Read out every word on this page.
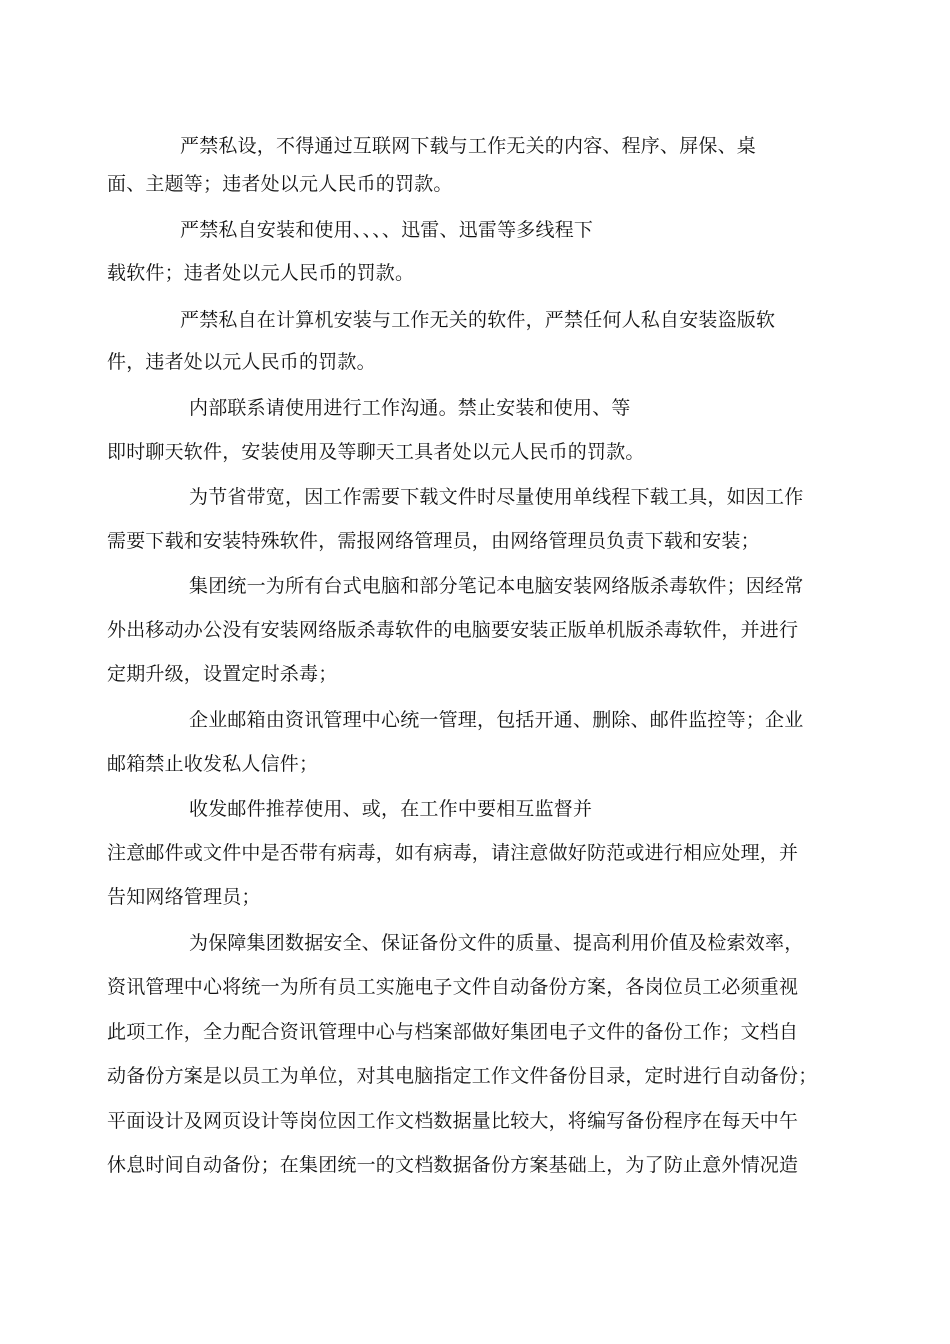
严禁私设，不得通过互联网下载与工作无关的内容、程序、屏保、桌
面、主题等；违者处以元人民币的罚款。
严禁私自安装和使用、、、、迅雷、迅雷等多线程下
载软件；违者处以元人民币的罚款。
严禁私自在计算机安装与工作无关的软件，严禁任何人私自安装盗版软
件，违者处以元人民币的罚款。
内部联系请使用进行工作沟通。禁止安装和使用、等
即时聊天软件，安装使用及等聊天工具者处以元人民币的罚款。
为节省带宽，因工作需要下载文件时尽量使用单线程下载工具，如因工作
需要下载和安装特殊软件，需报网络管理员，由网络管理员负责下载和安装；
集团统一为所有台式电脑和部分笔记本电脑安装网络版杀毒软件；因经常
外出移动办公没有安装网络版杀毒软件的电脑要安装正版单机版杀毒软件，并进行
定期升级，设置定时杀毒；
企业邮箱由资讯管理中心统一管理，包括开通、删除、邮件监控等；企业
邮箱禁止收发私人信件；
收发邮件推荐使用、或，在工作中要相互监督并
注意邮件或文件中是否带有病毒，如有病毒，请注意做好防范或进行相应处理，并
告知网络管理员；
为保障集团数据安全、保证备份文件的质量、提高利用价值及检索效率，
资讯管理中心将统一为所有员工实施电子文件自动备份方案，各岗位员工必须重视
此项工作，全力配合资讯管理中心与档案部做好集团电子文件的备份工作；文档自
动备份方案是以员工为单位，对其电脑指定工作文件备份目录，定时进行自动备份；
平面设计及网页设计等岗位因工作文档数据量比较大，将编写备份程序在每天中午
休息时间自动备份；在集团统一的文档数据备份方案基础上，为了防止意外情况造
